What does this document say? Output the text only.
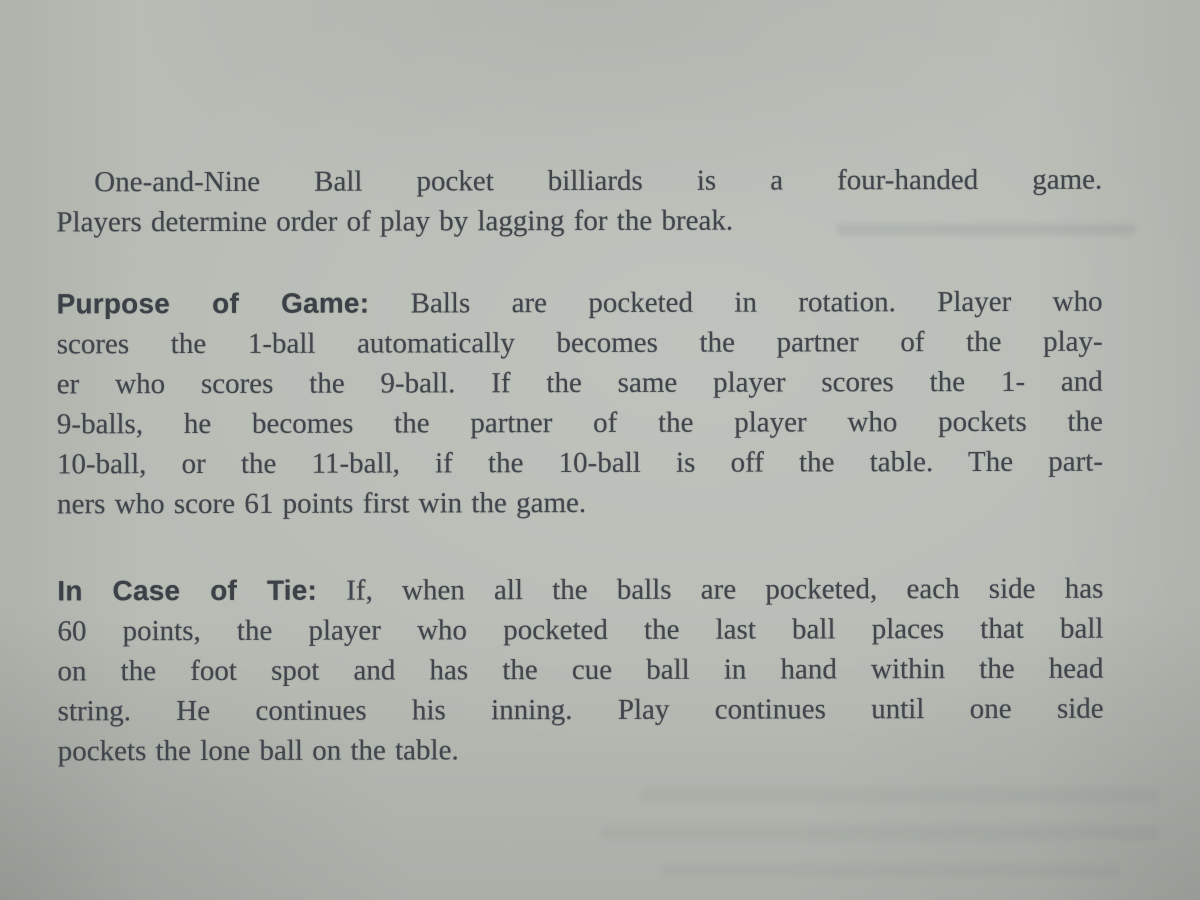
One-and-Nine Ball pocket billiards is a four-handed game.
Players determine order of play by lagging for the break.
Purpose of Game: Balls are pocketed in rotation. Player who
scores the 1-ball automatically becomes the partner of the play-
er who scores the 9-ball. If the same player scores the 1- and
9-balls, he becomes the partner of the player who pockets the
10-ball, or the 11-ball, if the 10-ball is off the table. The part-
ners who score 61 points first win the game.
In Case of Tie: If, when all the balls are pocketed, each side has
60 points, the player who pocketed the last ball places that ball
on the foot spot and has the cue ball in hand within the head
string. He continues his inning. Play continues until one side
pockets the lone ball on the table.
